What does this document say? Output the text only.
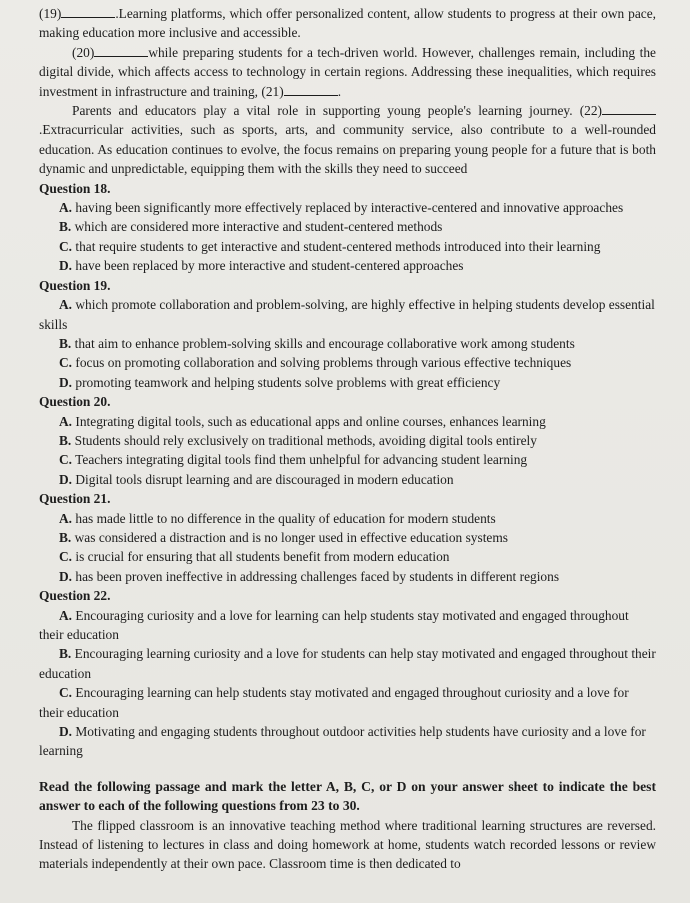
(19)	.Learning platforms, which offer personalized content, allow students to progress at their own pace, making education more inclusive and accessible.

(20)	while preparing students for a tech-driven world. However, challenges remain, including the digital divide, which affects access to technology in certain regions. Addressing these inequalities, which requires investment in infrastructure and training, (21)	.

Parents and educators play a vital role in supporting young people's learning journey. (22).Extracurricular activities, such as sports, arts, and community service, also contribute to a well-rounded education. As education continues to evolve, the focus remains on preparing young people for a future that is both dynamic and unpredictable, equipping them with the skills they need to succeed

Question 18.

A. having been significantly more effectively replaced by interactive-centered and innovative approaches

B. which are considered more interactive and student-centered methods

C. that require students to get interactive and student-centered methods introduced into their learning

D. have been replaced by more interactive and student-centered approaches

Question 19.

A. which promote collaboration and problem-solving, are highly effective in helping students develop essential skills

B. that aim to enhance problem-solving skills and encourage collaborative work among students

C. focus on promoting collaboration and solving problems through various effective techniques

D. promoting teamwork and helping students solve problems with great efficiency

Question 20.

A. Integrating digital tools, such as educational apps and online courses, enhances learning

B. Students should rely exclusively on traditional methods, avoiding digital tools entirely

C. Teachers integrating digital tools find them unhelpful for advancing student learning

D. Digital tools disrupt learning and are discouraged in modern education

Question 21.

A. has made little to no difference in the quality of education for modern students

B. was considered a distraction and is no longer used in effective education systems

C. is crucial for ensuring that all students benefit from modern education

D. has been proven ineffective in addressing challenges faced by students in different regions

Question 22.

A. Encouraging curiosity and a love for learning can help students stay motivated and engaged throughout their education

B. Encouraging learning curiosity and a love for students can help stay motivated and engaged throughout their education

C. Encouraging learning can help students stay motivated and engaged throughout curiosity and a love for their education

D. Motivating and engaging students throughout outdoor activities help students have curiosity and a love for learning

Read the following passage and mark the letter A, B, C, or D on your answer sheet to indicate the best answer to each of the following questions from 23 to 30.

The flipped classroom is an innovative teaching method where traditional learning structures are reversed. Instead of listening to lectures in class and doing homework at home, students watch recorded lessons or review materials independently at their own pace. Classroom time is then dedicated to
